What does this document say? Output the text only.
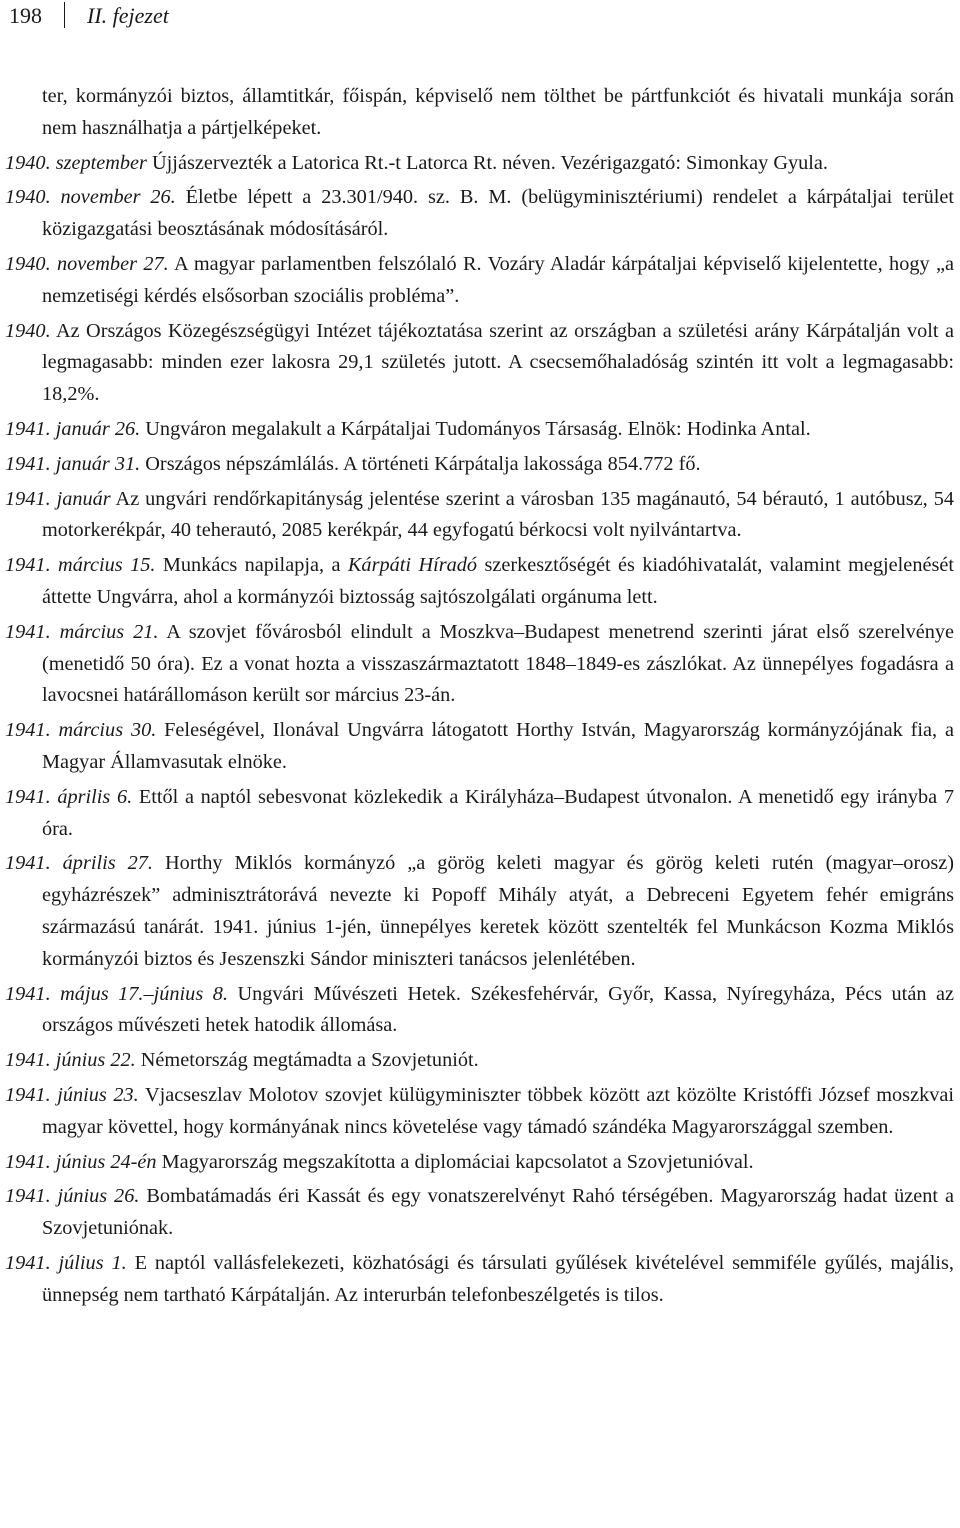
198 II. fejezet

ter, kormányzói biztos, államtitkár, főispán, képviselő nem tölthet be pártfunkciót és hivatali munkája során nem használhatja a pártjelképeket.

1940. szeptember Újjászervezték a Latorica Rt.-t Latorca Rt. néven. Vezérigazgató: Simonkay Gyula.

1940. november 26. Életbe lépett a 23.301/940. sz. B. M. (belügyminisztériumi) rendelet a kárpátaljai terület közigazgatási beosztásának módosításáról.

1940. november 27. A magyar parlamentben felszólaló R. Vozáry Aladár kárpátaljai képviselő kijelentette, hogy „a nemzetiségi kérdés elsősorban szociális probléma”.

1940. Az Országos Közegészségügyi Intézet tájékoztatása szerint az országban a születési arány Kárpátalján volt a legmagasabb: minden ezer lakosra 29,1 születés jutott. A csecsemőhaladóság szintén itt volt a legmagasabb: 18,2%.

1941. január 26. Ungváron megalakult a Kárpátaljai Tudományos Társaság. Elnök: Hodinka Antal.

1941. január 31. Országos népszámlálás. A történeti Kárpátalja lakossága 854.772 fő.

1941. január Az ungvári rendőrkapitányság jelentése szerint a városban 135 magánautó, 54 bérautó, 1 autóbusz, 54 motorkerékpár, 40 teherautó, 2085 kerékpár, 44 egyfogatú bérkocsi volt nyilvántartva.

1941. március 15. Munkács napilapja, a Kárpáti Híradó szerkesztőségét és kiadóhivatalát, valamint megjelenését áttette Ungvárra, ahol a kormányzói biztosság sajtószolgálati orgánuma lett.

1941. március 21. A szovjet fővárosból elindult a Moszkva–Budapest menetrend szerinti járat első szerelvénye (menetidő 50 óra). Ez a vonat hozta a visszaszármaztatott 1848–1849-es zászlókat. Az ünnepélyes fogadásra a lavocsnei határállomáson került sor március 23-án.

1941. március 30. Feleségével, Ilonával Ungvárra látogatott Horthy István, Magyarország kormányzójának fia, a Magyar Államvasutak elnöke.

1941. április 6. Ettől a naptól sebesvonat közlekedik a Királyháza–Budapest útvonalon. A menetidő egy irányba 7 óra.

1941. április 27. Horthy Miklós kormányzó „a görög keleti magyar és görög keleti rutén (magyar–orosz) egyházrészek” adminisztrátorává nevezte ki Popoff Mihály atyát, a Debreceni Egyetem fehér emigráns származású tanárát. 1941. június 1-jén, ünnepélyes keretek között szentelték fel Munkácson Kozma Miklós kormányzói biztos és Jeszenszki Sándor miniszteri tanácsos jelenlétében.

1941. május 17.–június 8. Ungvári Művészeti Hetek. Székesfehérvár, Győr, Kassa, Nyíregyháza, Pécs után az országos művészeti hetek hatodik állomása.

1941. június 22. Németország megtámadta a Szovjetuniót.

1941. június 23. Vjacseszlav Molotov szovjet külügyminiszter többek között azt közölte Kristóffi József moszkvai magyar követtel, hogy kormányának nincs követelése vagy támadó szándéka Magyarországgal szemben.

1941. június 24-én Magyarország megszakította a diplomáciai kapcsolatot a Szovjetunióval.

1941. június 26. Bombatámadás éri Kassát és egy vonatszerelvényt Rahó térségében. Magyarország hadat üzent a Szovjetuniónak.

1941. július 1. E naptól vallásfelekezeti, közhatósági és társulati gyűlések kivételével semmiféle gyűlés, majális, ünnepség nem tartható Kárpátalján. Az interurbán telefonbeszélgetés is tilos.
